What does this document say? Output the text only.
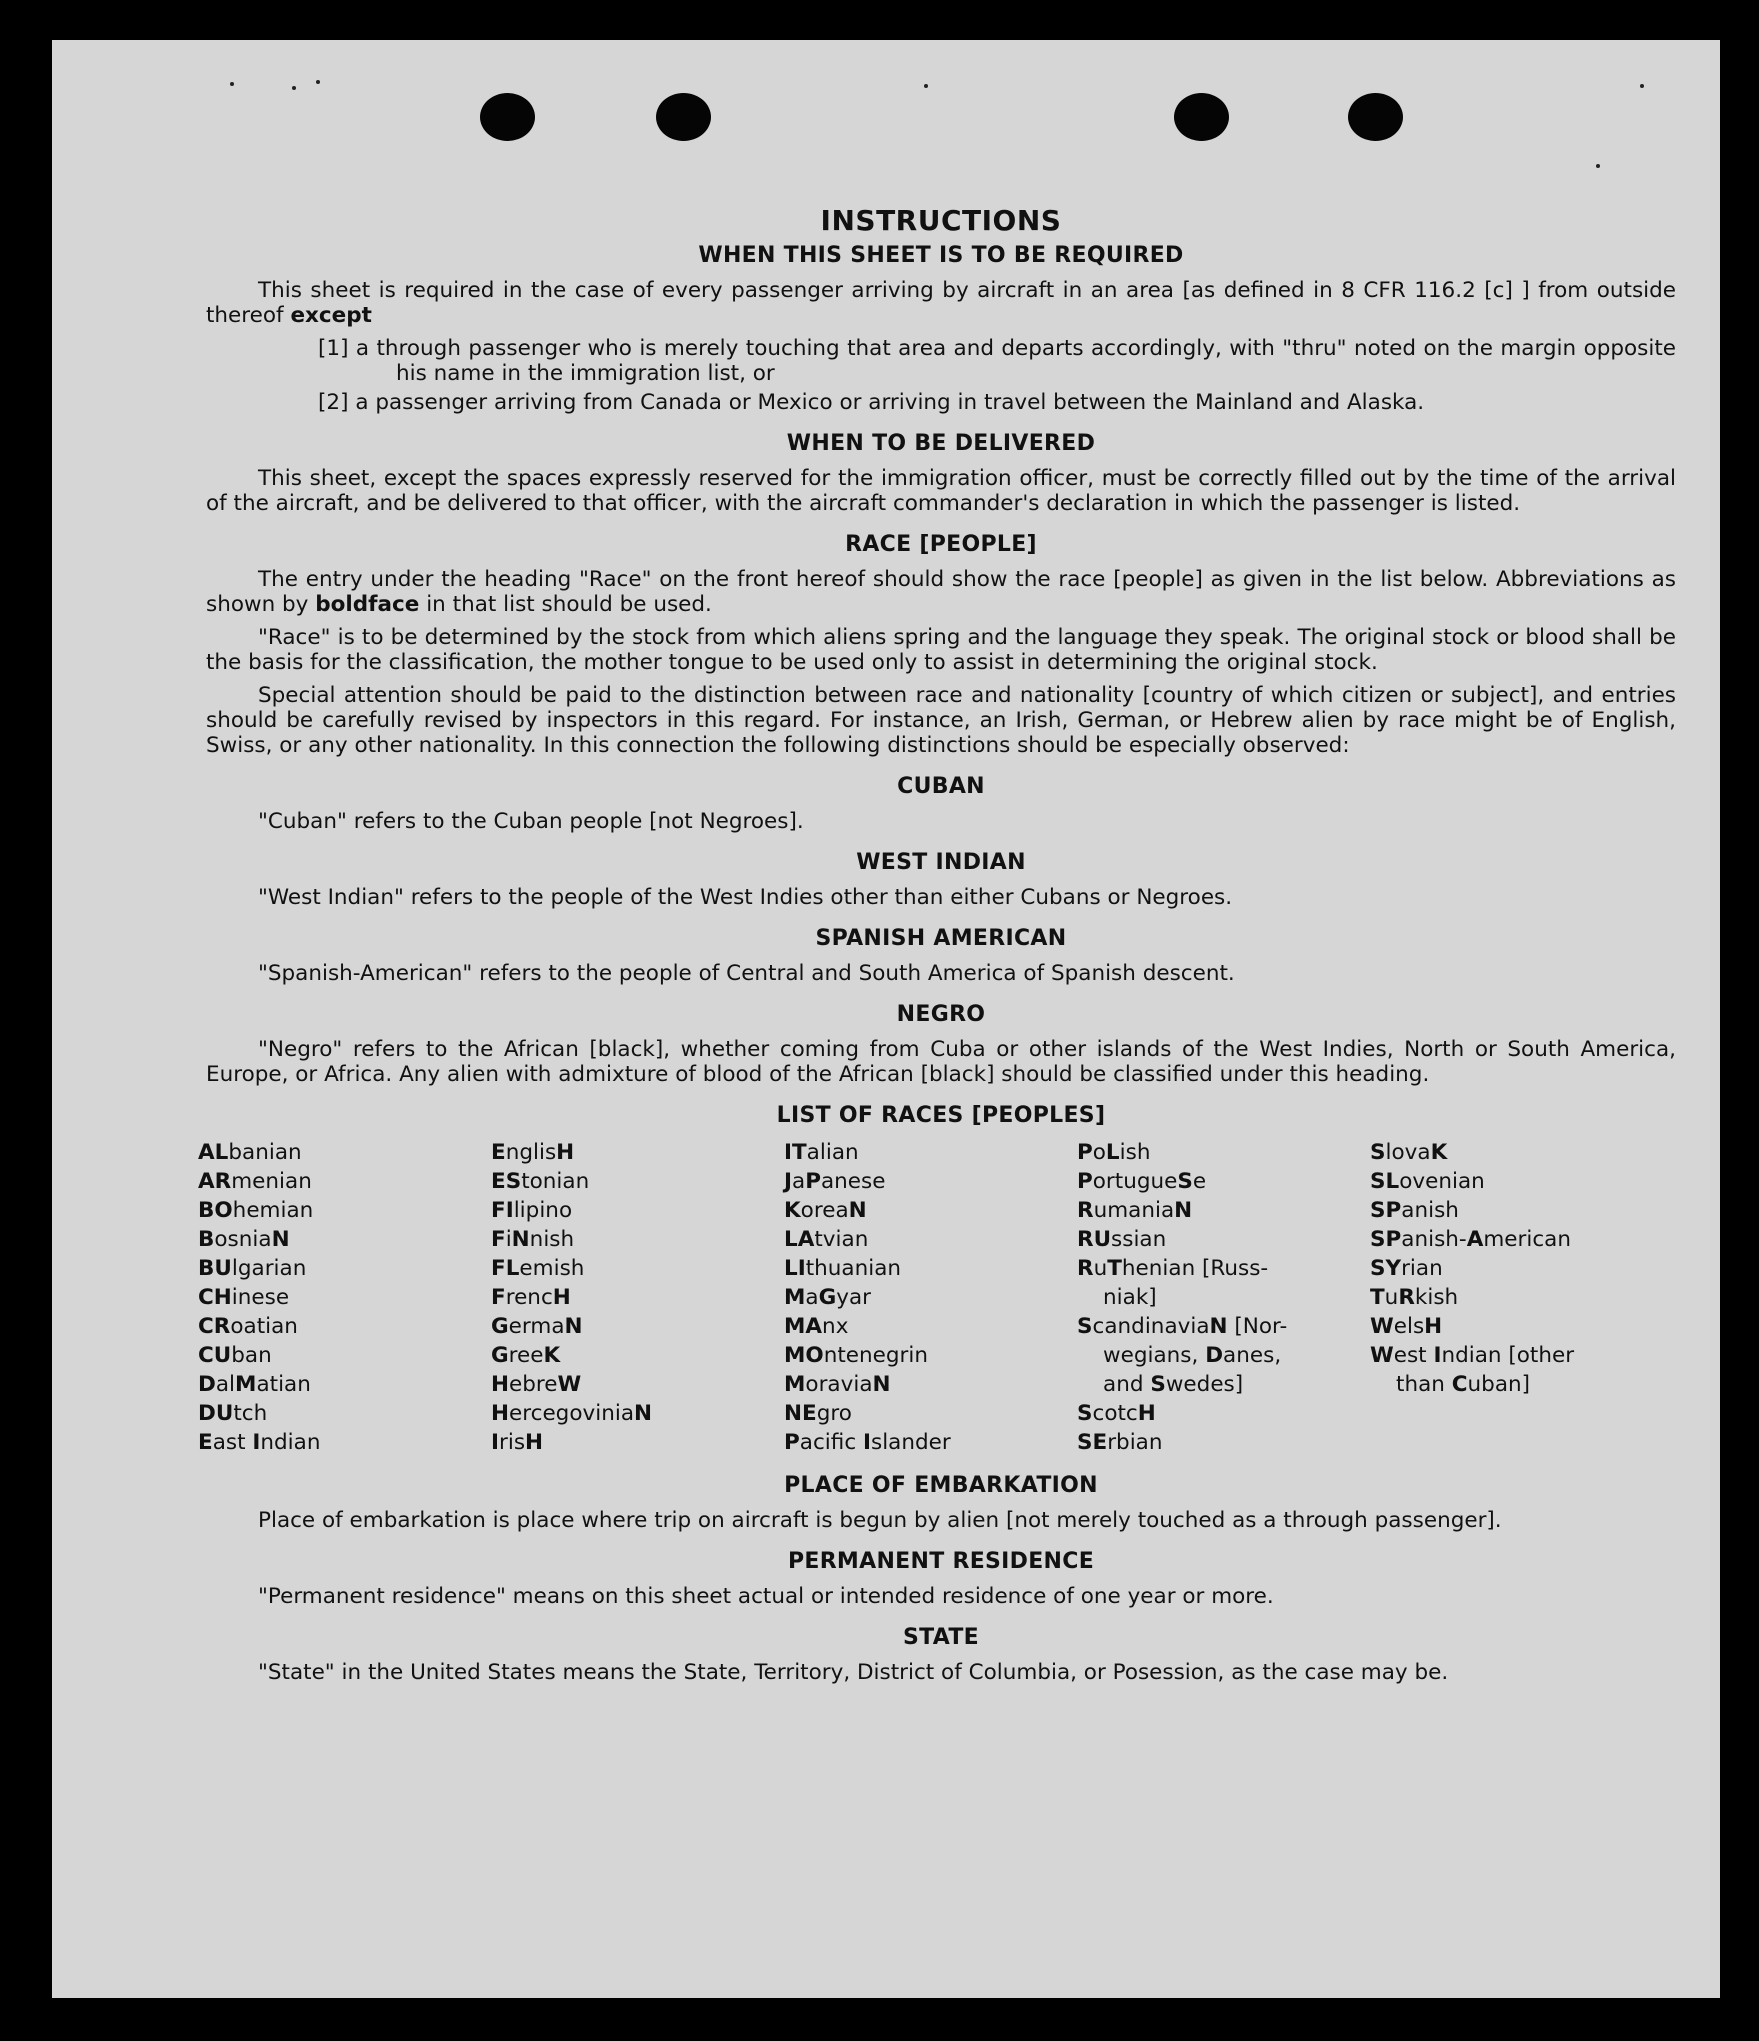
INSTRUCTIONS
WHEN THIS SHEET IS TO BE REQUIRED

This sheet is required in the case of every passenger arriving by aircraft in an area [as defined in 8 CFR 116.2 [c] ] from outside thereof except

[1] a through passenger who is merely touching that area and departs accordingly, with "thru" noted on the margin opposite his name in the immigration list, or

[2] a passenger arriving from Canada or Mexico or arriving in travel between the Mainland and Alaska.

WHEN TO BE DELIVERED

This sheet, except the spaces expressly reserved for the immigration officer, must be correctly filled out by the time of the arrival of the aircraft, and be delivered to that officer, with the aircraft commander's declaration in which the passenger is listed.

RACE [PEOPLE]

The entry under the heading "Race" on the front hereof should show the race [people] as given in the list below. Abbreviations as shown by boldface in that list should be used.

"Race" is to be determined by the stock from which aliens spring and the language they speak. The original stock or blood shall be the basis for the classification, the mother tongue to be used only to assist in determining the original stock.

Special attention should be paid to the distinction between race and nationality [country of which citizen or subject], and entries should be carefully revised by inspectors in this regard. For instance, an Irish, German, or Hebrew alien by race might be of English, Swiss, or any other nationality. In this connection the following distinctions should be especially observed:

CUBAN

"Cuban" refers to the Cuban people [not Negroes].

WEST INDIAN

"West Indian" refers to the people of the West Indies other than either Cubans or Negroes.

SPANISH AMERICAN

"Spanish-American" refers to the people of Central and South America of Spanish descent.

NEGRO

"Negro" refers to the African [black], whether coming from Cuba or other islands of the West Indies, North or South America, Europe, or Africa. Any alien with admixture of blood of the African [black] should be classified under this heading.

LIST OF RACES [PEOPLES]
ALbanian
ARmenian
BOhemian
BosniaN
BUlgarian
CHinese
CRoatian
CUban
DalMatian
DUtch
East Indian
EnglisH
EStonian
FIlipino
FiNnish
FLemish
FrencH
GermaN
GreeK
HebreW
HercegoviniaN
IrisH
ITalian
JaPanese
KoreaN
LAtvian
LIthuanian
MaGyar
MAnx
MOntenegrin
MoraviaN
NEgro
Pacifc Islander
PoLish
PortugueSe
RumaniaN
RUssian
RuThenian [Russ-
niak]
ScandinaviaN [Nor-
wegians, Danes,
and Swedes]
ScotcH
SErbian
SlovaK
SLovenian
SPanish
SPanish-American
SYrian
TuRkish
WelsH
West Indian [other
than Cuban]
PLACE OF EMBARKATION

Place of embarkation is place where trip on aircraft is begun by alien [not merely touched as a through passenger].

PERMANENT RESIDENCE

"Permanent residence" means on this sheet actual or intended residence of one year or more.

STATE

"State" in the United States means the State, Territory, District of Columbia, or Posession, as the case may be.
